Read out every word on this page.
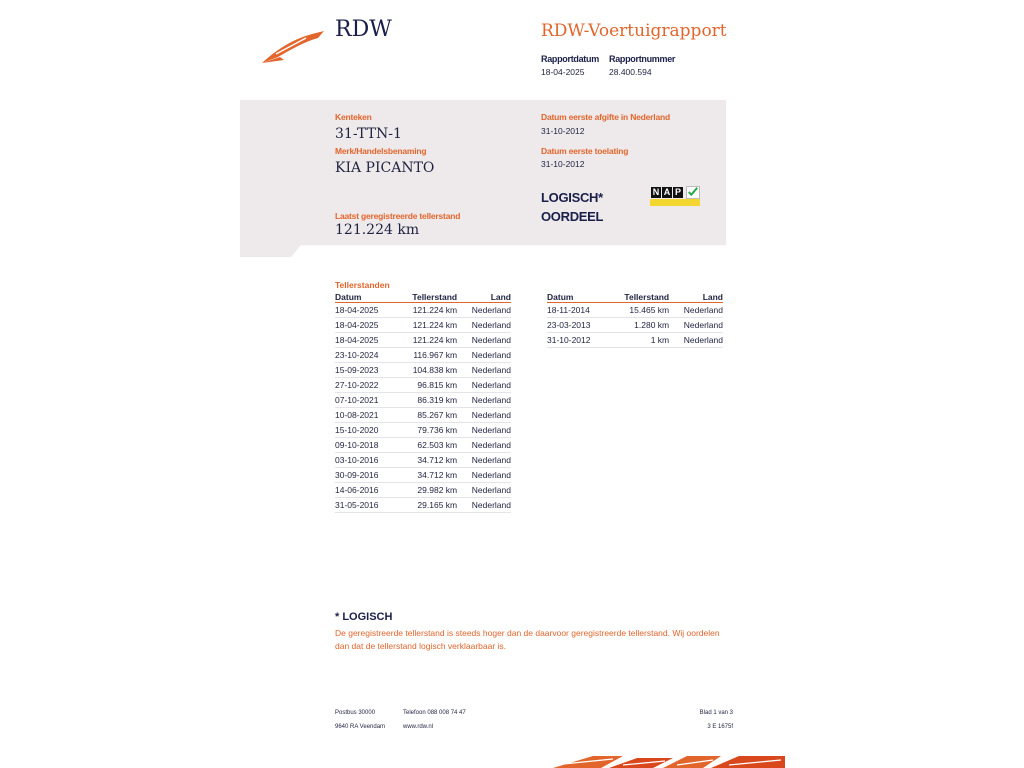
RDW	RDW-Voertuigrapport
Rapportdatum
18-04-2025
Rapportnummer
28.400.594
Kenteken
31-TTN-1
Merk/Handelsbenaming
KIA PICANTO
Laatst geregistreerde tellerstand
121.224 km
Datum eerste afgifte in Nederland
31-10-2012
Datum eerste toelating
31-10-2012
LOGISCH*
OORDEEL
N A P
Tellerstanden
Datum	Tellerstand	Land
18-04-2025	121.224 km	Nederland
18-04-2025	121.224 km	Nederland
18-04-2025	121.224 km	Nederland
23-10-2024	116.967 km	Nederland
15-09-2023	104.838 km	Nederland
27-10-2022	96.815 km	Nederland
07-10-2021	86.319 km	Nederland
10-08-2021	85.267 km	Nederland
15-10-2020	79.736 km	Nederland
09-10-2018	62.503 km	Nederland
03-10-2016	34.712 km	Nederland
30-09-2016	34.712 km	Nederland
14-06-2016	29.982 km	Nederland
31-05-2016	29.165 km	Nederland
Datum	Tellerstand	Land
18-11-2014	15.465 km	Nederland
23-03-2013	1.280 km	Nederland
31-10-2012	1 km	Nederland
* LOGISCH
De geregistreerde tellerstand is steeds hoger dan de daarvoor geregistreerde tellerstand. Wij oordelen dan dat de tellerstand logisch verklaarbaar is.
Postbus 30000
9640 RA Veendam
Telefoon 088 008 74 47
www.rdw.nl
Blad 1 van 3
3 E 1675f
